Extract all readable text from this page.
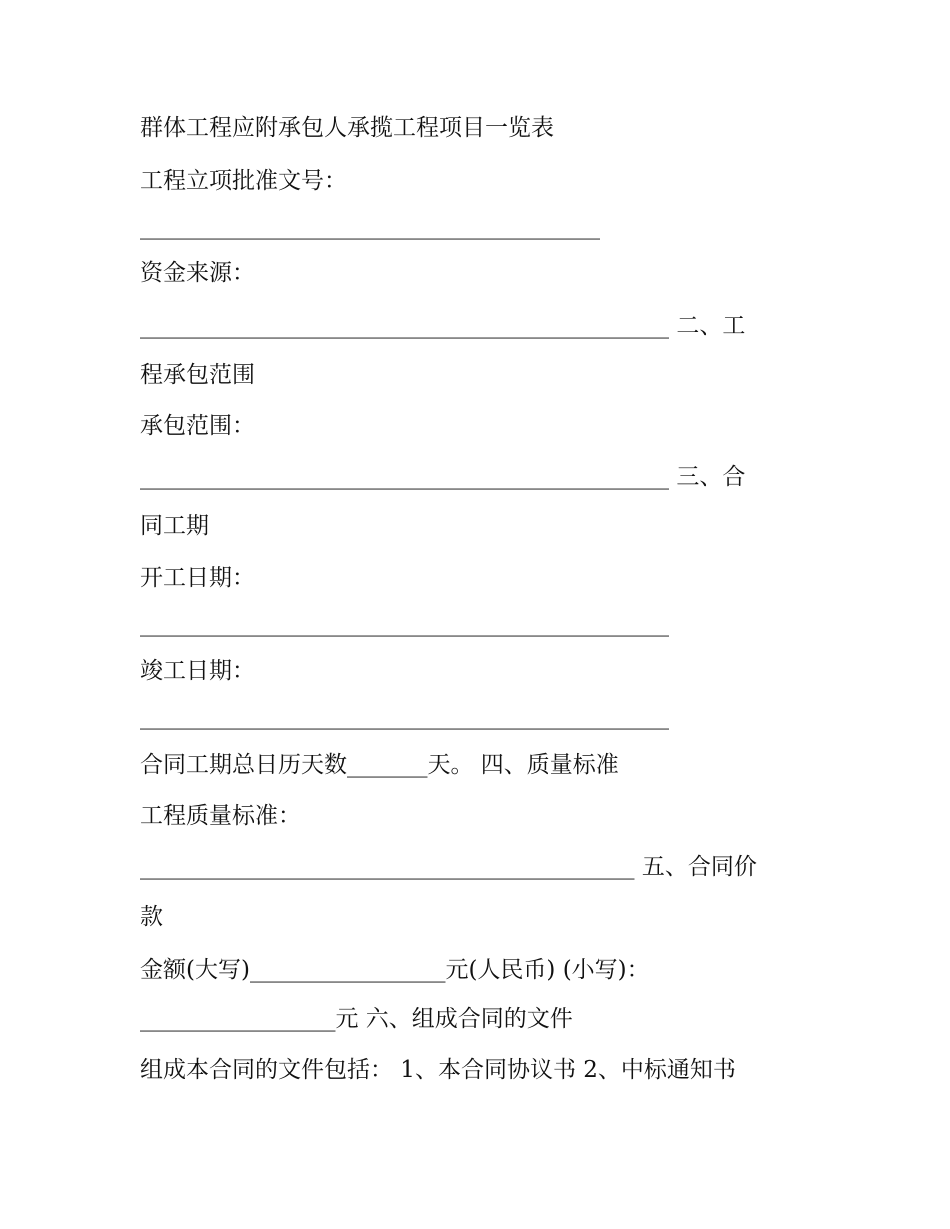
群体工程应附承包人承揽工程项目一览表
工程立项批准文号：
________________________________________
资金来源：
______________________________________________ 二、工
程承包范围
承包范围：
______________________________________________ 三、合
同工期
开工日期：
______________________________________________
竣工日期：
______________________________________________
合同工期总日历天数_______天。 四、质量标准
工程质量标准：
___________________________________________ 五、合同价
款
金额(大写)_________________元(人民币) (小写)：
_________________元 六、组成合同的文件
组成本合同的文件包括： 1、本合同协议书 2、中标通知书
